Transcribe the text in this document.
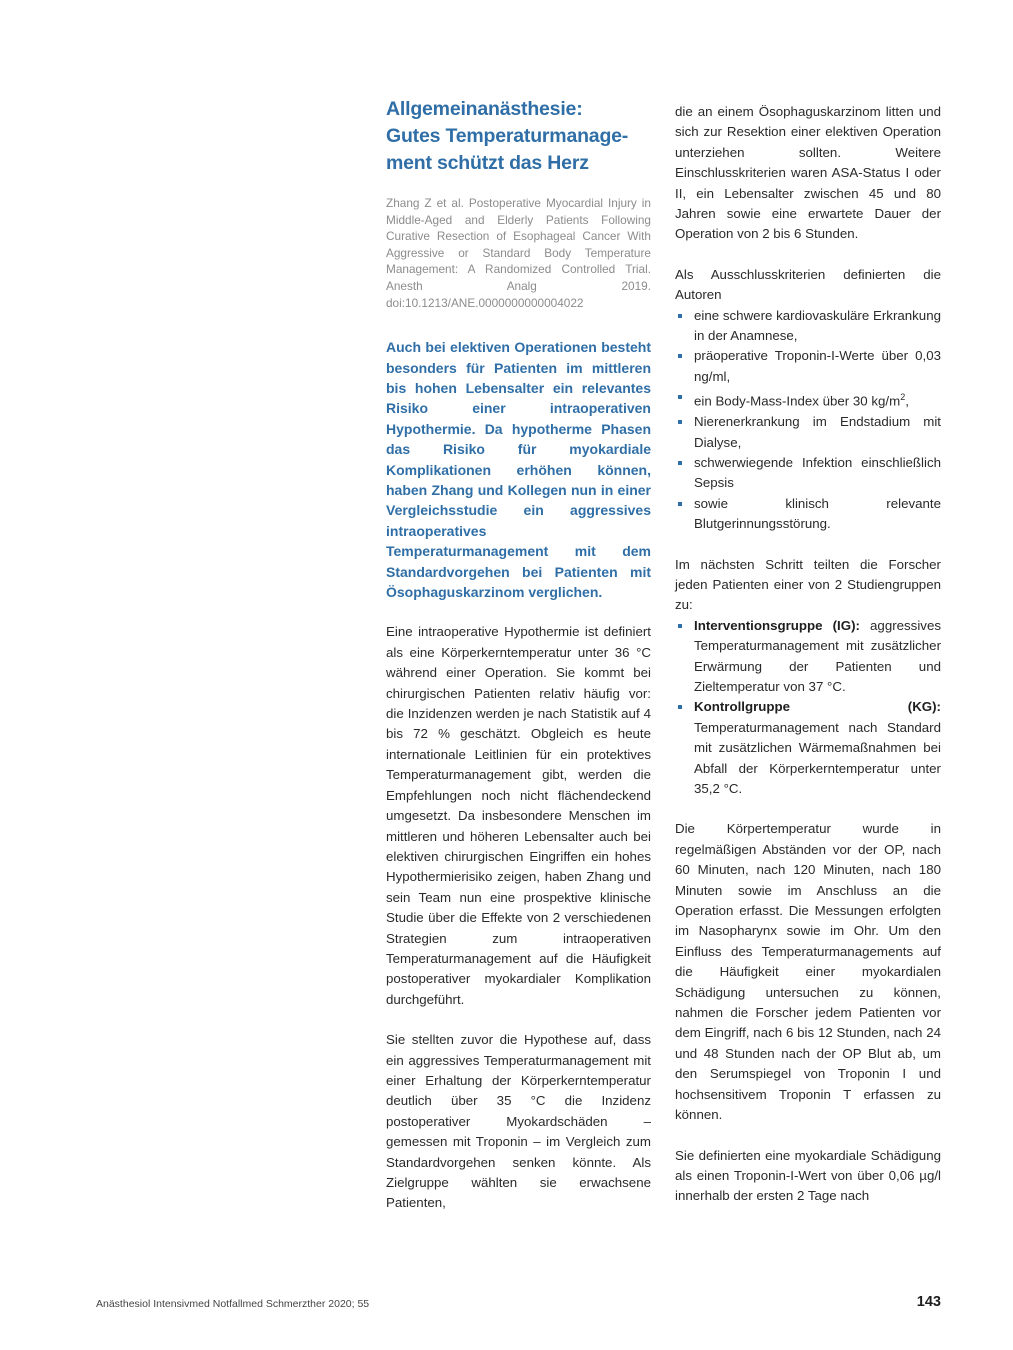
Allgemeinanästhesie:
Gutes Temperaturmanage-
ment schützt das Herz

Zhang Z et al. Postoperative Myocardial Injury in Middle-Aged and Elderly Patients Following Curative Resection of Esophageal Cancer With Aggressive or Standard Body Temperature Management: A Randomized Controlled Trial. Anesth Analg 2019. doi:10.1213/ANE.0000000000004022

Auch bei elektiven Operationen besteht besonders für Patienten im mittleren bis hohen Lebensalter ein relevantes Risiko einer intraoperativen Hypothermie. Da hypotherme Phasen das Risiko für myokardiale Komplikationen erhöhen können, haben Zhang und Kollegen nun in einer Vergleichsstudie ein aggressives intraoperatives Temperaturmanagement mit dem Standardvorgehen bei Patienten mit Ösophaguskarzinom verglichen.

Eine intraoperative Hypothermie ist definiert als eine Körperkerntemperatur unter 36 °C während einer Operation. Sie kommt bei chirurgischen Patienten relativ häufig vor: die Inzidenzen werden je nach Statistik auf 4 bis 72 % geschätzt. Obgleich es heute internationale Leitlinien für ein protektives Temperaturmanagement gibt, werden die Empfehlungen noch nicht flächendeckend umgesetzt. Da insbesondere Menschen im mittleren und höheren Lebensalter auch bei elektiven chirurgischen Eingriffen ein hohes Hypothermierisiko zeigen, haben Zhang und sein Team nun eine prospektive klinische Studie über die Effekte von 2 verschiedenen Strategien zum intraoperativen Temperaturmanagement auf die Häufigkeit postoperativer myokardialer Komplikation durchgeführt.

Sie stellten zuvor die Hypothese auf, dass ein aggressives Temperaturmanagement mit einer Erhaltung der Körperkerntemperatur deutlich über 35 °C die Inzidenz postoperativer Myokardschäden – gemessen mit Troponin – im Vergleich zum Standardvorgehen senken könnte. Als Zielgruppe wählten sie erwachsene Patienten,

die an einem Ösophaguskarzinom litten und sich zur Resektion einer elektiven Operation unterziehen sollten. Weitere Einschlusskriterien waren ASA-Status I oder II, ein Lebensalter zwischen 45 und 80 Jahren sowie eine erwartete Dauer der Operation von 2 bis 6 Stunden.

Als Ausschlusskriterien definierten die Autoren

eine schwere kardiovaskuläre Erkrankung in der Anamnese,
präoperative Troponin-I-Werte über 0,03 ng/ml,
ein Body-Mass-Index über 30 $kg/m^2$,
Nierenerkrankung im Endstadium mit Dialyse,
schwerwiegende Infektion einschließlich Sepsis
sowie klinisch relevante Blutgerinnungsstörung.

Im nächsten Schritt teilten die Forscher jeden Patienten einer von 2 Studiengruppen zu:

Interventionsgruppe (IG): aggressives Temperaturmanagement mit zusätzlicher Erwärmung der Patienten und Zieltemperatur von 37 °C.
Kontrollgruppe (KG): Temperaturmanagement nach Standard mit zusätzlichen Wärmemaßnahmen bei Abfall der Körperkerntemperatur unter 35,2 °C.

Die Körpertemperatur wurde in regelmäßigen Abständen vor der OP, nach 60 Minuten, nach 120 Minuten, nach 180 Minuten sowie im Anschluss an die Operation erfasst. Die Messungen erfolgten im Nasopharynx sowie im Ohr. Um den Einfluss des Temperaturmanagements auf die Häufigkeit einer myokardialen Schädigung untersuchen zu können, nahmen die Forscher jedem Patienten vor dem Eingriff, nach 6 bis 12 Stunden, nach 24 und 48 Stunden nach der OP Blut ab, um den Serumspiegel von Troponin I und hochsensitivem Troponin T erfassen zu können.

Sie definierten eine myokardiale Schädigung als einen Troponin-I-Wert von über 0,06 µg/l innerhalb der ersten 2 Tage nach

Anästhesiol Intensivmed Notfallmed Schmerzther 2020; 55	143
